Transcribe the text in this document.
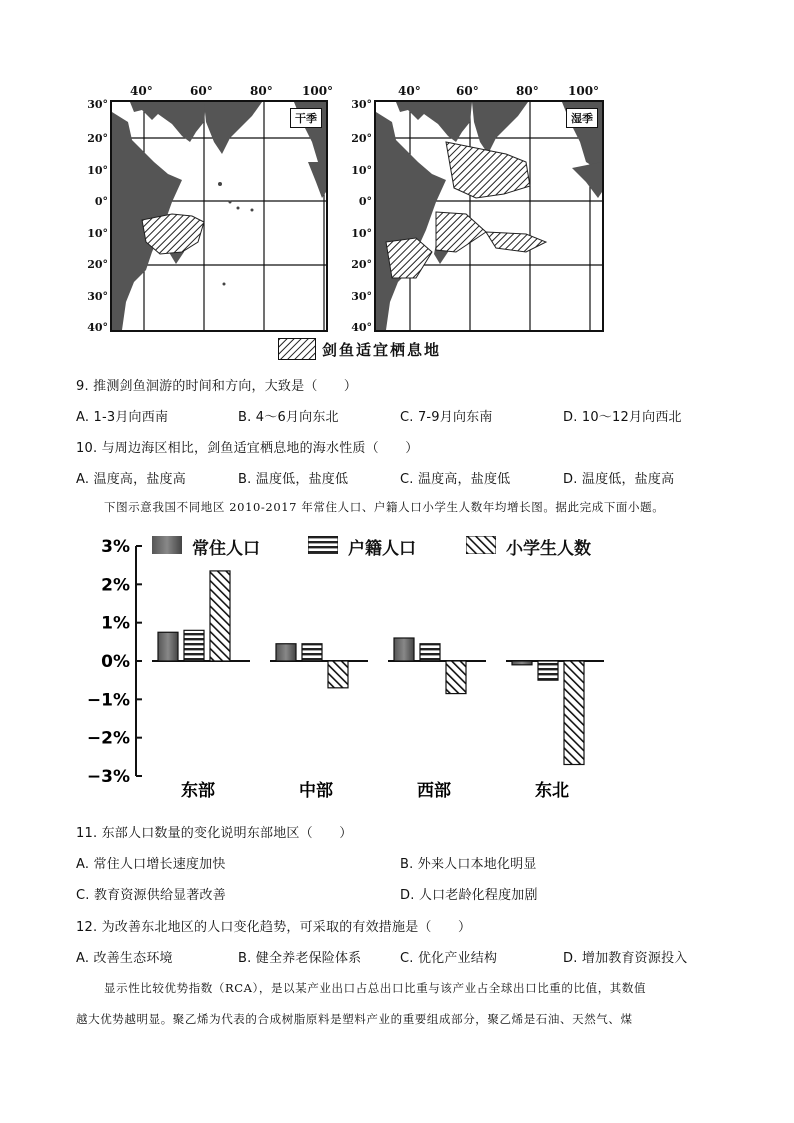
40°	60°	80° 100°	40°	60°	80° 100°
30°
20°
10°
0°
10°
20°
30°
40°
30°
20°
10°
0°
10°
20°
30°
40°
干季	湿季
剑鱼适宜栖息地
9. 推测剑鱼洄游的时间和方向，大致是（　　）
A. 1-3月向西南	B. 4～6月向东北	C. 7-9月向东南	D. 10～12月向西北
10. 与周边海区相比，剑鱼适宜栖息地的海水性质（　　）
A. 温度高，盐度高	B. 温度低，盐度低	C. 温度高，盐度低	D. 温度低，盐度高
下图示意我国不同地区 2010-2017 年常住人口、户籍人口小学生人数年均增长图。据此完成下面小题。
3%
2%
1%
0%
−1%
−2%
−3%
东部	中部	西部	东北
常住人口	户籍人口	小学生人数
11. 东部人口数量的变化说明东部地区（　　）
A. 常住人口增长速度加快	B. 外来人口本地化明显
C. 教育资源供给显著改善	D. 人口老龄化程度加剧
12. 为改善东北地区的人口变化趋势，可采取的有效措施是（　　）
A. 改善生态环境	B. 健全养老保险体系	C. 优化产业结构	D. 增加教育资源投入
显示性比较优势指数（RCA），是以某产业出口占总出口比重与该产业占全球出口比重的比值，其数值
越大优势越明显。聚乙烯为代表的合成树脂原料是塑料产业的重要组成部分，聚乙烯是石油、天然气、煤
